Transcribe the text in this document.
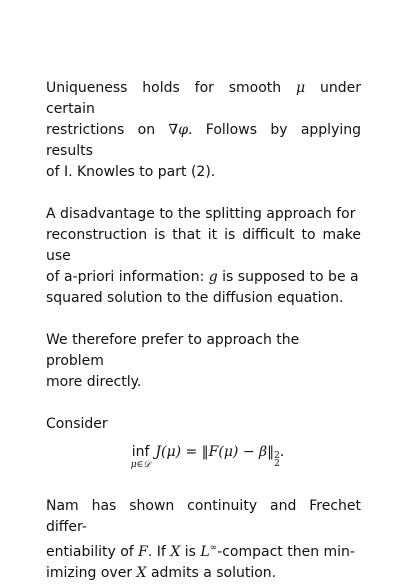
Uniqueness holds for smooth μ under certain

restrictions on ∇φ. Follows by applying results

of I. Knowles to part (2).

A disadvantage to the splitting approach for

reconstruction is that it is difficult to make use

of a-priori information: g is supposed to be a

squared solution to the diffusion equation.

We therefore prefer to approach the problem

more directly.

Consider

inf
μ∈𝒟
J(μ) = ‖F(μ) − β‖ 2
2
.

Nam has shown continuity and Frechet differ-

entiability of F. If X is L∞-compact then min-

imizing over X admits a solution.
